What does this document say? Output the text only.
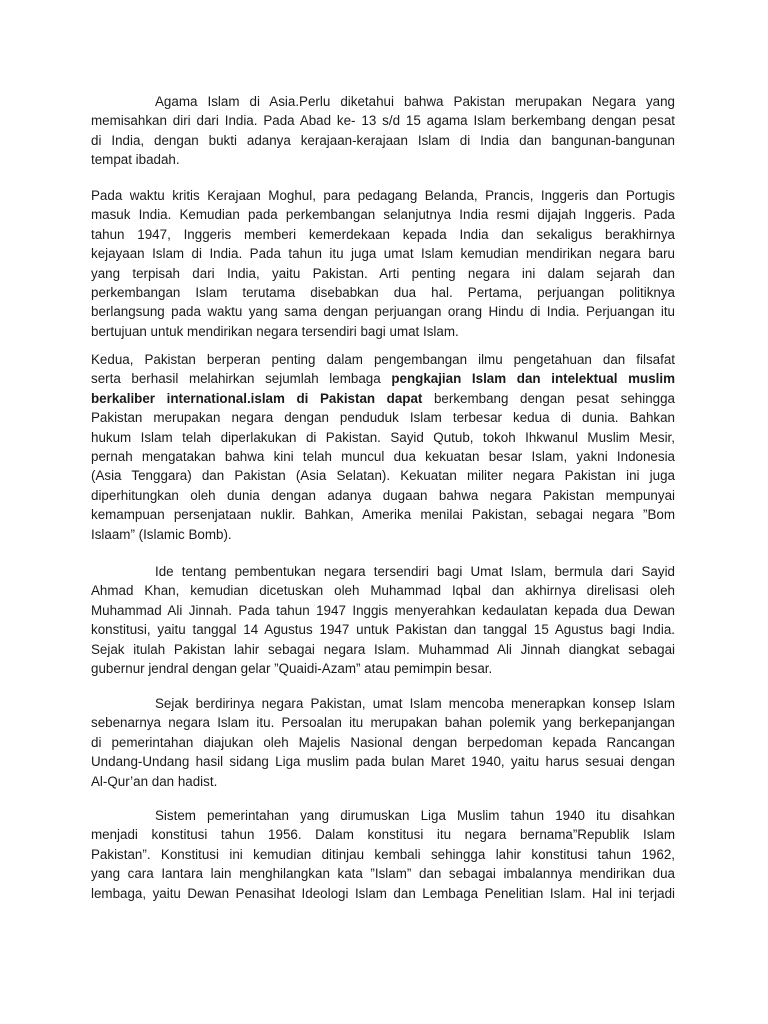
Agama Islam di Asia.Perlu diketahui bahwa Pakistan merupakan Negara yang
memisahkan diri dari India. Pada Abad ke- 13 s/d 15 agama Islam berkembang dengan pesat
di India, dengan bukti adanya kerajaan-kerajaan Islam di India dan bangunan-bangunan
tempat ibadah.
Pada waktu kritis Kerajaan Moghul, para pedagang Belanda, Prancis, Inggeris dan Portugis
masuk India. Kemudian pada perkembangan selanjutnya India resmi dijajah Inggeris. Pada
tahun 1947, Inggeris memberi kemerdekaan kepada India dan sekaligus berakhirnya
kejayaan Islam di India. Pada tahun itu juga umat Islam kemudian mendirikan negara baru
yang terpisah dari India, yaitu Pakistan. Arti penting negara ini dalam sejarah dan
perkembangan Islam terutama disebabkan dua hal. Pertama, perjuangan politiknya
berlangsung pada waktu yang sama dengan perjuangan orang Hindu di India. Perjuangan itu
bertujuan untuk mendirikan negara tersendiri bagi umat Islam.
Kedua, Pakistan berperan penting dalam pengembangan ilmu pengetahuan dan filsafat
serta berhasil melahirkan sejumlah lembaga pengkajian Islam dan intelektual muslim
berkaliber international.islam di Pakistan dapat berkembang dengan pesat sehingga
Pakistan merupakan negara dengan penduduk Islam terbesar kedua di dunia. Bahkan
hukum Islam telah diperlakukan di Pakistan. Sayid Qutub, tokoh Ihkwanul Muslim Mesir,
pernah mengatakan bahwa kini telah muncul dua kekuatan besar Islam, yakni Indonesia
(Asia Tenggara) dan Pakistan (Asia Selatan). Kekuatan militer negara Pakistan ini juga
diperhitungkan oleh dunia dengan adanya dugaan bahwa negara Pakistan mempunyai
kemampuan persenjataan nuklir. Bahkan, Amerika menilai Pakistan, sebagai negara ”Bom
Islaam” (Islamic Bomb).
Ide tentang pembentukan negara tersendiri bagi Umat Islam, bermula dari Sayid
Ahmad Khan, kemudian dicetuskan oleh Muhammad Iqbal dan akhirnya direlisasi oleh
Muhammad Ali Jinnah. Pada tahun 1947 Inggis menyerahkan kedaulatan kepada dua Dewan
konstitusi, yaitu tanggal 14 Agustus 1947 untuk Pakistan dan tanggal 15 Agustus bagi India.
Sejak itulah Pakistan lahir sebagai negara Islam. Muhammad Ali Jinnah diangkat sebagai
gubernur jendral dengan gelar ”Quaidi-Azam” atau pemimpin besar.
Sejak berdirinya negara Pakistan, umat Islam mencoba menerapkan konsep Islam
sebenarnya negara Islam itu. Persoalan itu merupakan bahan polemik yang berkepanjangan
di pemerintahan diajukan oleh Majelis Nasional dengan berpedoman kepada Rancangan
Undang-Undang hasil sidang Liga muslim pada bulan Maret 1940, yaitu harus sesuai dengan
Al-Qur’an dan hadist.
Sistem pemerintahan yang dirumuskan Liga Muslim tahun 1940 itu disahkan
menjadi konstitusi tahun 1956. Dalam konstitusi itu negara bernama”Republik Islam
Pakistan”. Konstitusi ini kemudian ditinjau kembali sehingga lahir konstitusi tahun 1962,
yang cara Iantara lain menghilangkan kata ”Islam” dan sebagai imbalannya mendirikan dua
lembaga, yaitu Dewan Penasihat Ideologi Islam dan Lembaga Penelitian Islam. Hal ini terjadi
